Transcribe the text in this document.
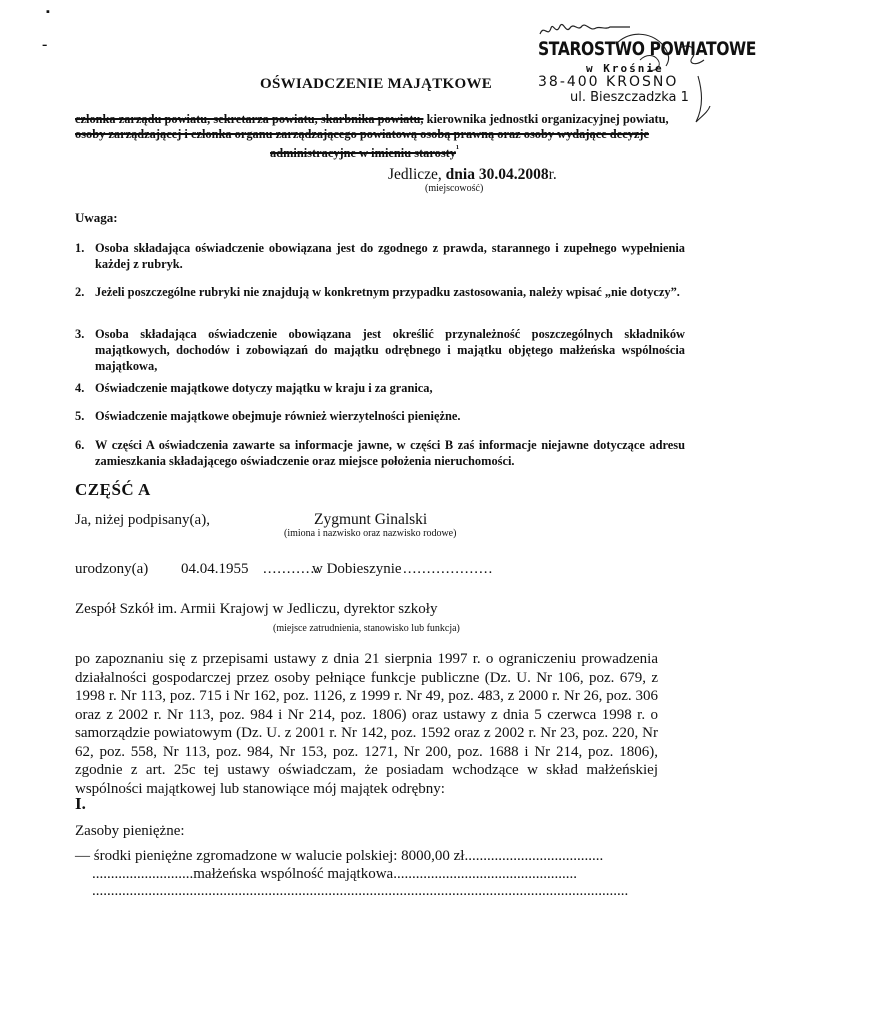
▪
-	STAROSTWO POWIATOWE
w Krośnie
38-400 KROSNO
ul. Bieszczadzka 1
OŚWIADCZENIE MAJĄTKOWE
członka zarządu powiatu, sekretarza powiatu, skarbnika powiatu, kierownika jednostki organizacyjnej powiatu,
osoby zarządzającej i członka organu zarządzającego powiatową osobą prawną oraz osoby wydające decyzje
administracyjne w imieniu starosty$^{^1}$
Jedlicze, dnia 30.04.2008r.
(miejscowość)
Uwaga:
1. Osoba składająca oświadczenie obowiązana jest do zgodnego z prawda, starannego i zupełnego wypełnienia każdej z rubryk.
2. Jeżeli poszczególne rubryki nie znajdują w konkretnym przypadku zastosowania, należy wpisać „nie dotyczy”.
3. Osoba składająca oświadczenie obowiązana jest określić przynależność poszczególnych składników majątkowych, dochodów i zobowiązań do majątku odrębnego i majątku objętego małżeńska wspólnościa majątkowa,
4. Oświadczenie majątkowe dotyczy majątku w kraju i za granica,
5. Oświadczenie majątkowe obejmuje również wierzytelności pieniężne.
6. W części A oświadczenia zawarte sa informacje jawne, w części B zaś informacje niejawne dotyczące adresu zamieszkania składającego oświadczenie oraz miejsce położenia nieruchomości.
CZĘŚĆ A
Ja, niżej podpisany(a),	Zygmunt Ginalski
(imiona i nazwisko oraz nazwisko rodowe)
urodzony(a) 04.04.1955 ............
w Dobieszynie ...................
Zespół Szkół im. Armii Krajowj w Jedliczu, dyrektor szkoły
(miejsce zatrudnienia, stanowisko lub funkcja)
po zapoznaniu się z przepisami ustawy z dnia 21 sierpnia 1997 r. o ograniczeniu prowadzenia działalności gospodarczej przez osoby pełniące funkcje publiczne (Dz. U. Nr 106, poz. 679, z 1998 r. Nr 113, poz. 715 i Nr 162, poz. 1126, z 1999 r. Nr 49, poz. 483, z 2000 r. Nr 26, poz. 306 oraz z 2002 r. Nr 113, poz. 984 i Nr 214, poz. 1806) oraz ustawy z dnia 5 czerwca 1998 r. o samorządzie powiatowym (Dz. U. z 2001 r. Nr 142, poz. 1592 oraz z 2002 r. Nr 23, poz. 220, Nr 62, poz. 558, Nr 113, poz. 984, Nr 153, poz. 1271, Nr 200, poz. 1688 i Nr 214, poz. 1806), zgodnie z art. 25c tej ustawy oświadczam, że posiadam wchodzące w skład małżeńskiej wspólności majątkowej lub stanowiące mój majątek odrębny:
I.
Zasoby pieniężne:
— środki pieniężne zgromadzone w walucie polskiej: 8000,00 zł.....................................
...........................małżeńska wspólność majątkowa.................................................
...............................................................................................................................................
